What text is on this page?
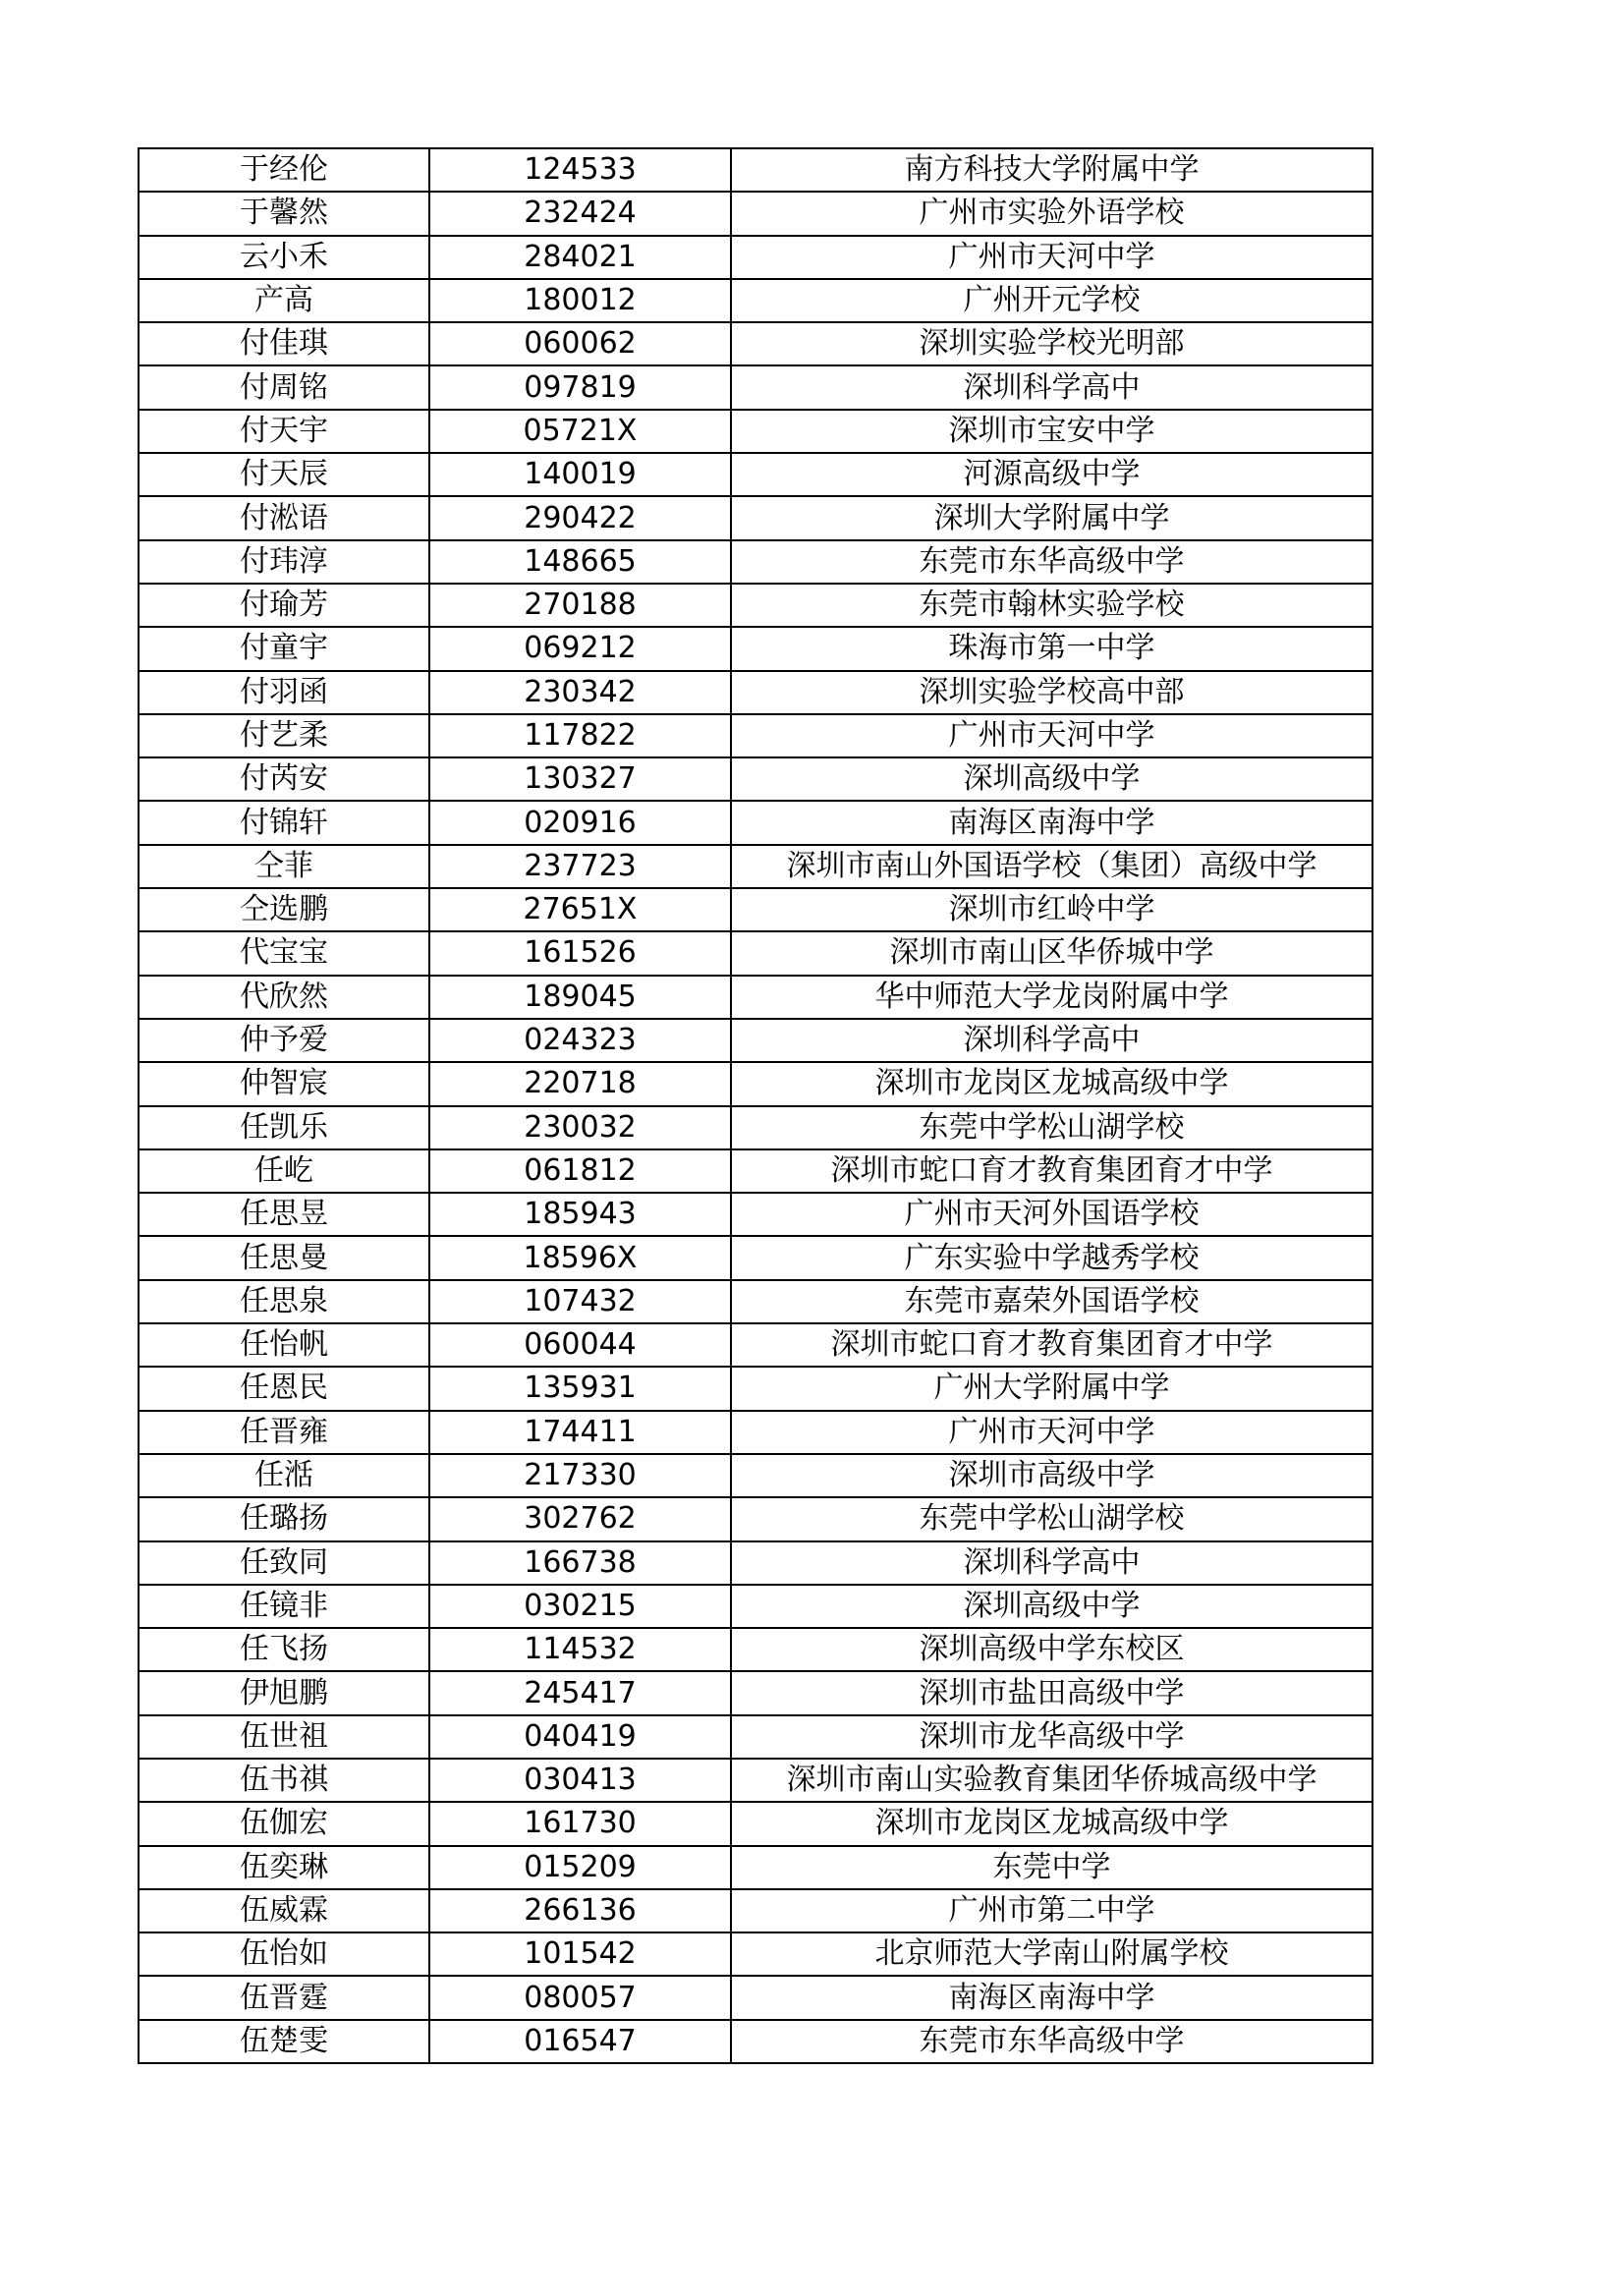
于经伦	124533	南方科技大学附属中学
于馨然	232424	广州市实验外语学校
云小禾	284021	广州市天河中学
产高	180012	广州开元学校
付佳琪	060062	深圳实验学校光明部
付周铭	097819	深圳科学高中
付天宇	05721X	深圳市宝安中学
付天辰	140019	河源高级中学
付淞语	290422	深圳大学附属中学
付玮淳	148665	东莞市东华高级中学
付瑜芳	270188	东莞市翰林实验学校
付童宇	069212	珠海市第一中学
付羽函	230342	深圳实验学校高中部
付艺柔	117822	广州市天河中学
付芮安	130327	深圳高级中学
付锦轩	020916	南海区南海中学
仝菲	237723	深圳市南山外国语学校（集团）高级中学
仝选鹏	27651X	深圳市红岭中学
代宝宝	161526	深圳市南山区华侨城中学
代欣然	189045	华中师范大学龙岗附属中学
仲予爱	024323	深圳科学高中
仲智宸	220718	深圳市龙岗区龙城高级中学
任凯乐	230032	东莞中学松山湖学校
任屹	061812	深圳市蛇口育才教育集团育才中学
任思昱	185943	广州市天河外国语学校
任思曼	18596X	广东实验中学越秀学校
任思泉	107432	东莞市嘉荣外国语学校
任怡帆	060044	深圳市蛇口育才教育集团育才中学
任恩民	135931	广州大学附属中学
任晋雍	174411	广州市天河中学
任湉	217330	深圳市高级中学
任璐扬	302762	东莞中学松山湖学校
任致同	166738	深圳科学高中
任镜非	030215	深圳高级中学
任飞扬	114532	深圳高级中学东校区
伊旭鹏	245417	深圳市盐田高级中学
伍世祖	040419	深圳市龙华高级中学
伍书祺	030413	深圳市南山实验教育集团华侨城高级中学
伍伽宏	161730	深圳市龙岗区龙城高级中学
伍奕琳	015209	东莞中学
伍威霖	266136	广州市第二中学
伍怡如	101542	北京师范大学南山附属学校
伍晋霆	080057	南海区南海中学
伍楚雯	016547	东莞市东华高级中学
